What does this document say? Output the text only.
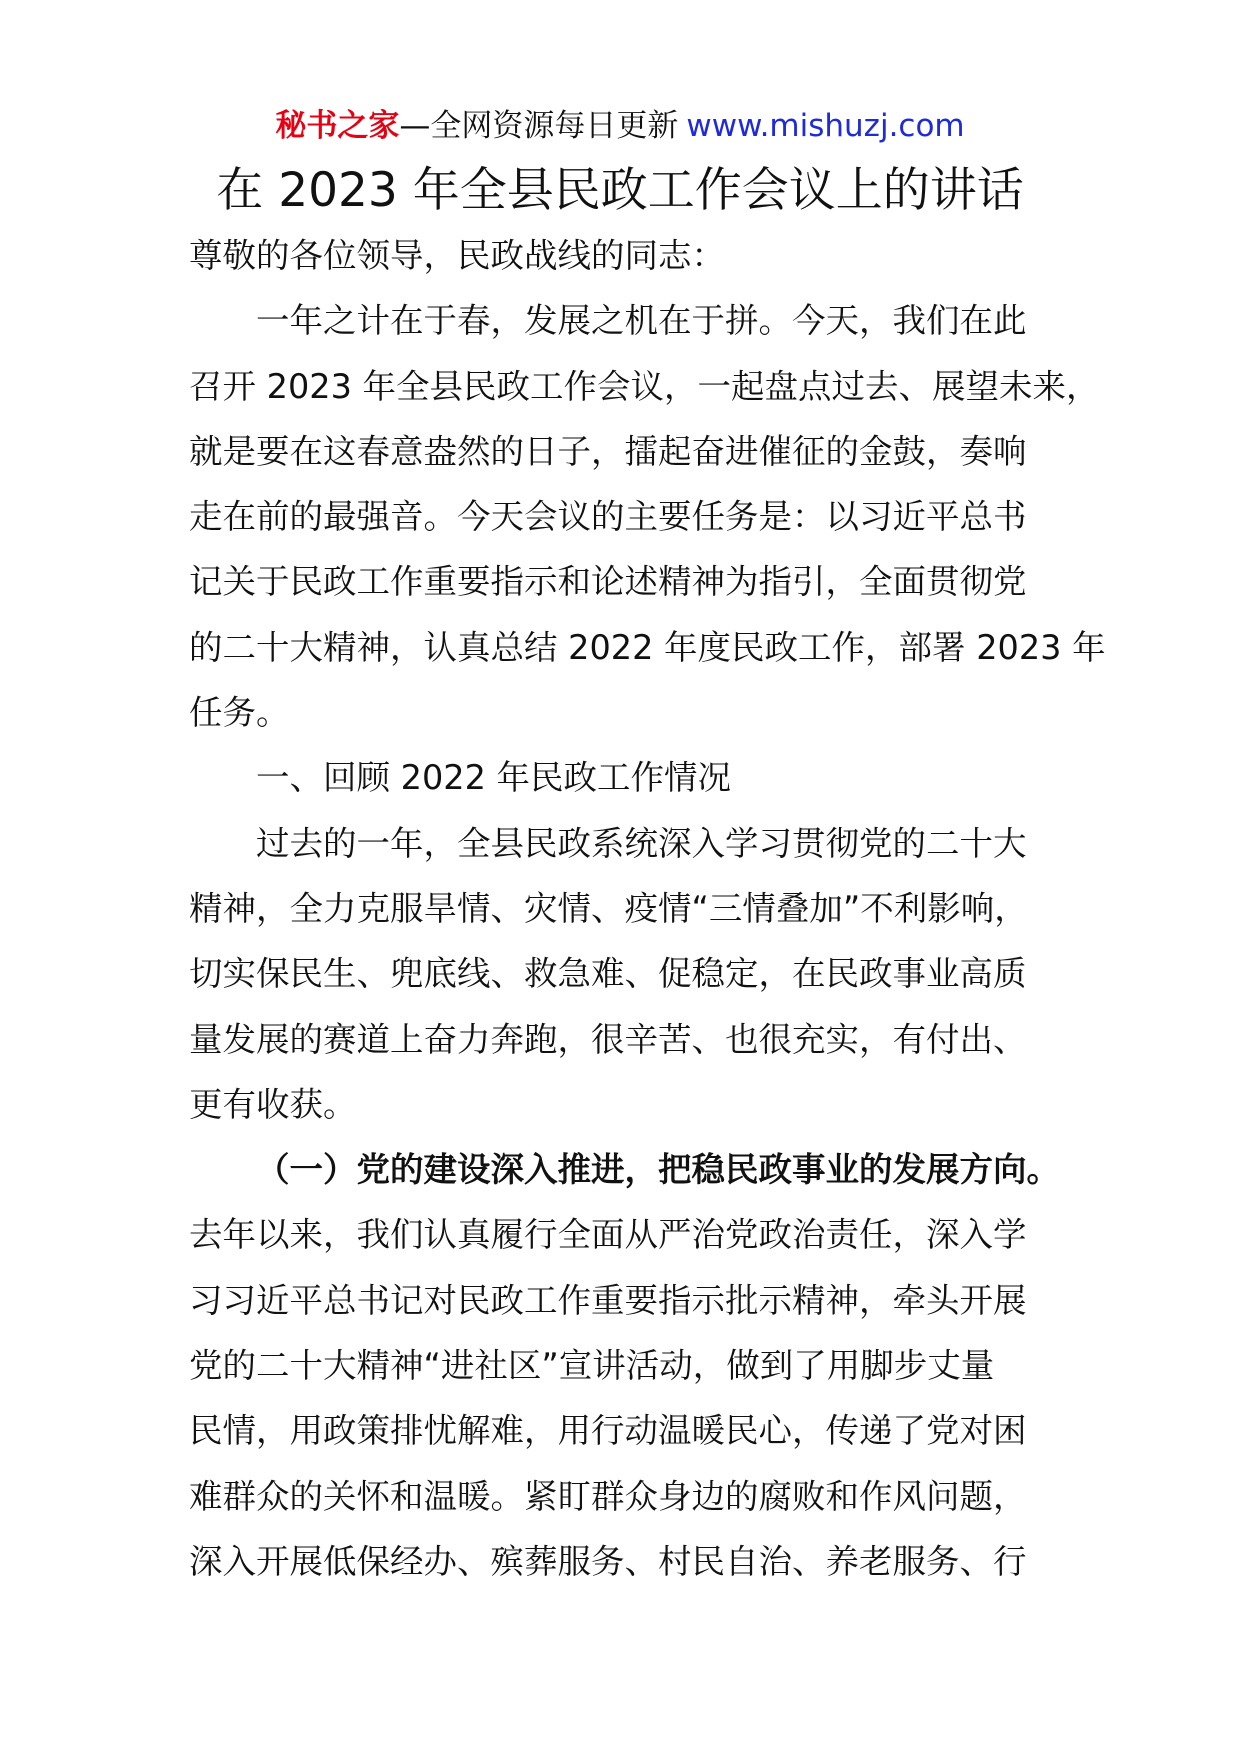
秘书之家—全网资源每日更新 www.mishuzj.com
在 2023 年全县民政工作会议上的讲话
尊敬的各位领导，民政战线的同志：
一年之计在于春，发展之机在于拼。今天，我们在此
召开 2023 年全县民政工作会议，一起盘点过去、展望未来，
就是要在这春意盎然的日子，擂起奋进催征的金鼓，奏响
走在前的最强音。今天会议的主要任务是：以习近平总书
记关于民政工作重要指示和论述精神为指引，全面贯彻党
的二十大精神，认真总结 2022 年度民政工作，部署 2023 年
任务。
一、回顾 2022 年民政工作情况
过去的一年，全县民政系统深入学习贯彻党的二十大
精神，全力克服旱情、灾情、疫情“三情叠加”不利影响，
切实保民生、兜底线、救急难、促稳定，在民政事业高质
量发展的赛道上奋力奔跑，很辛苦、也很充实，有付出、
更有收获。
（一）党的建设深入推进，把稳民政事业的发展方向。
去年以来，我们认真履行全面从严治党政治责任，深入学
习习近平总书记对民政工作重要指示批示精神，牵头开展
党的二十大精神“进社区”宣讲活动，做到了用脚步丈量
民情，用政策排忧解难，用行动温暖民心，传递了党对困
难群众的关怀和温暖。紧盯群众身边的腐败和作风问题，
深入开展低保经办、殡葬服务、村民自治、养老服务、行
